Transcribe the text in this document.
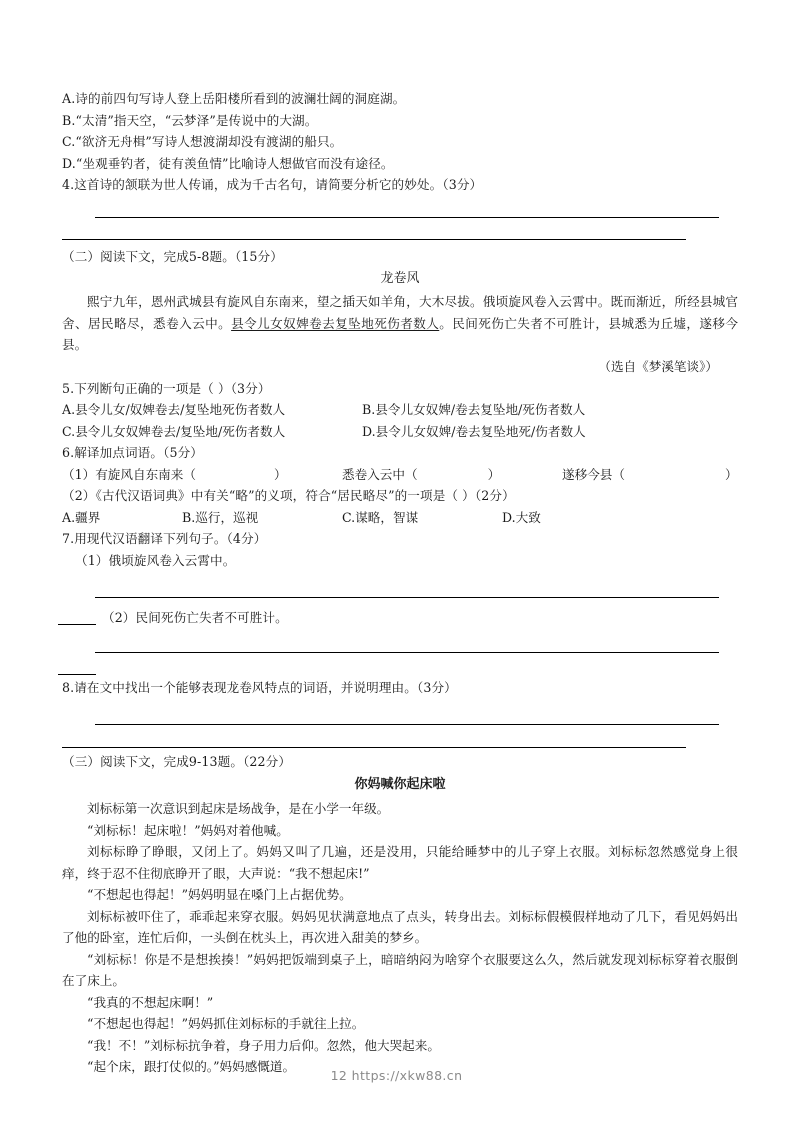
A.诗的前四句写诗人登上岳阳楼所看到的波澜壮阔的洞庭湖。
B.“太清”指天空，“云梦泽”是传说中的大湖。
C.“欲济无舟楫”写诗人想渡湖却没有渡湖的船只。
D.“坐观垂钓者，徒有羡鱼情”比喻诗人想做官而没有途径。
4.这首诗的颔联为世人传诵，成为千古名句，请简要分析它的妙处。（3分）
（二）阅读下文，完成5-8题。（15分）
龙卷风

熙宁九年，恩州武城县有旋风自东南来，望之插天如羊角，大木尽拔。俄顷旋风卷入云霄中。既而渐近，所经县城官舍、居民略尽，悉卷入云中。县令儿女奴婢卷去复坠地死伤者数人。民间死伤亡失者不可胜计，县城悉为丘墟，遂移今县。

（选自《梦溪笔谈》）
5.下列断句正确的一项是（ ）（3分）
A.县令儿女/奴婢卷去/复坠地死伤者数人	B.县令儿女奴婢/卷去复坠地/死伤者数人
C.县令儿女奴婢卷去/复坠地/死伤者数人	D.县令儿女奴婢/卷去复坠地死/伤者数人
6.解译加点词语。（5分）
（1）有旋风自东南来（	）	悉卷入云中（	）	遂移今县（	）
（2）《古代汉语词典》中有关“略”的义项，符合“居民略尽”的一项是（ ）（2分）
A.疆界	B.巡行，巡视	C.谋略，智谋	D.大致
7.用现代汉语翻译下列句子。（4分）
（1）俄顷旋风卷入云霄中。
（2）民间死伤亡失者不可胜计。
8.请在文中找出一个能够表现龙卷风特点的词语，并说明理由。（3分）
（三）阅读下文，完成9-13题。（22分）
你妈喊你起床啦

刘标标第一次意识到起床是场战争，是在小学一年级。

“刘标标！起床啦！”妈妈对着他喊。

刘标标睁了睁眼，又闭上了。妈妈又叫了几遍，还是没用，只能给睡梦中的儿子穿上衣服。刘标标忽然感觉身上很痒，终于忍不住彻底睁开了眼，大声说：“我不想起床!”

“不想起也得起！”妈妈明显在嗓门上占据优势。

刘标标被吓住了，乖乖起来穿衣服。妈妈见状满意地点了点头，转身出去。刘标标假模假样地动了几下，看见妈妈出了他的卧室，连忙后仰，一头倒在枕头上，再次进入甜美的梦乡。

“刘标标！你是不是想挨揍！”妈妈把饭端到桌子上，暗暗纳闷为啥穿个衣服要这么久，然后就发现刘标标穿着衣服倒在了床上。

“我真的不想起床啊！”

“不想起也得起！”妈妈抓住刘标标的手就往上拉。

“我！不！”刘标标抗争着，身子用力后仰。忽然，他大哭起来。

“起个床，跟打仗似的。”妈妈感慨道。

12 https://xkw88.cn
